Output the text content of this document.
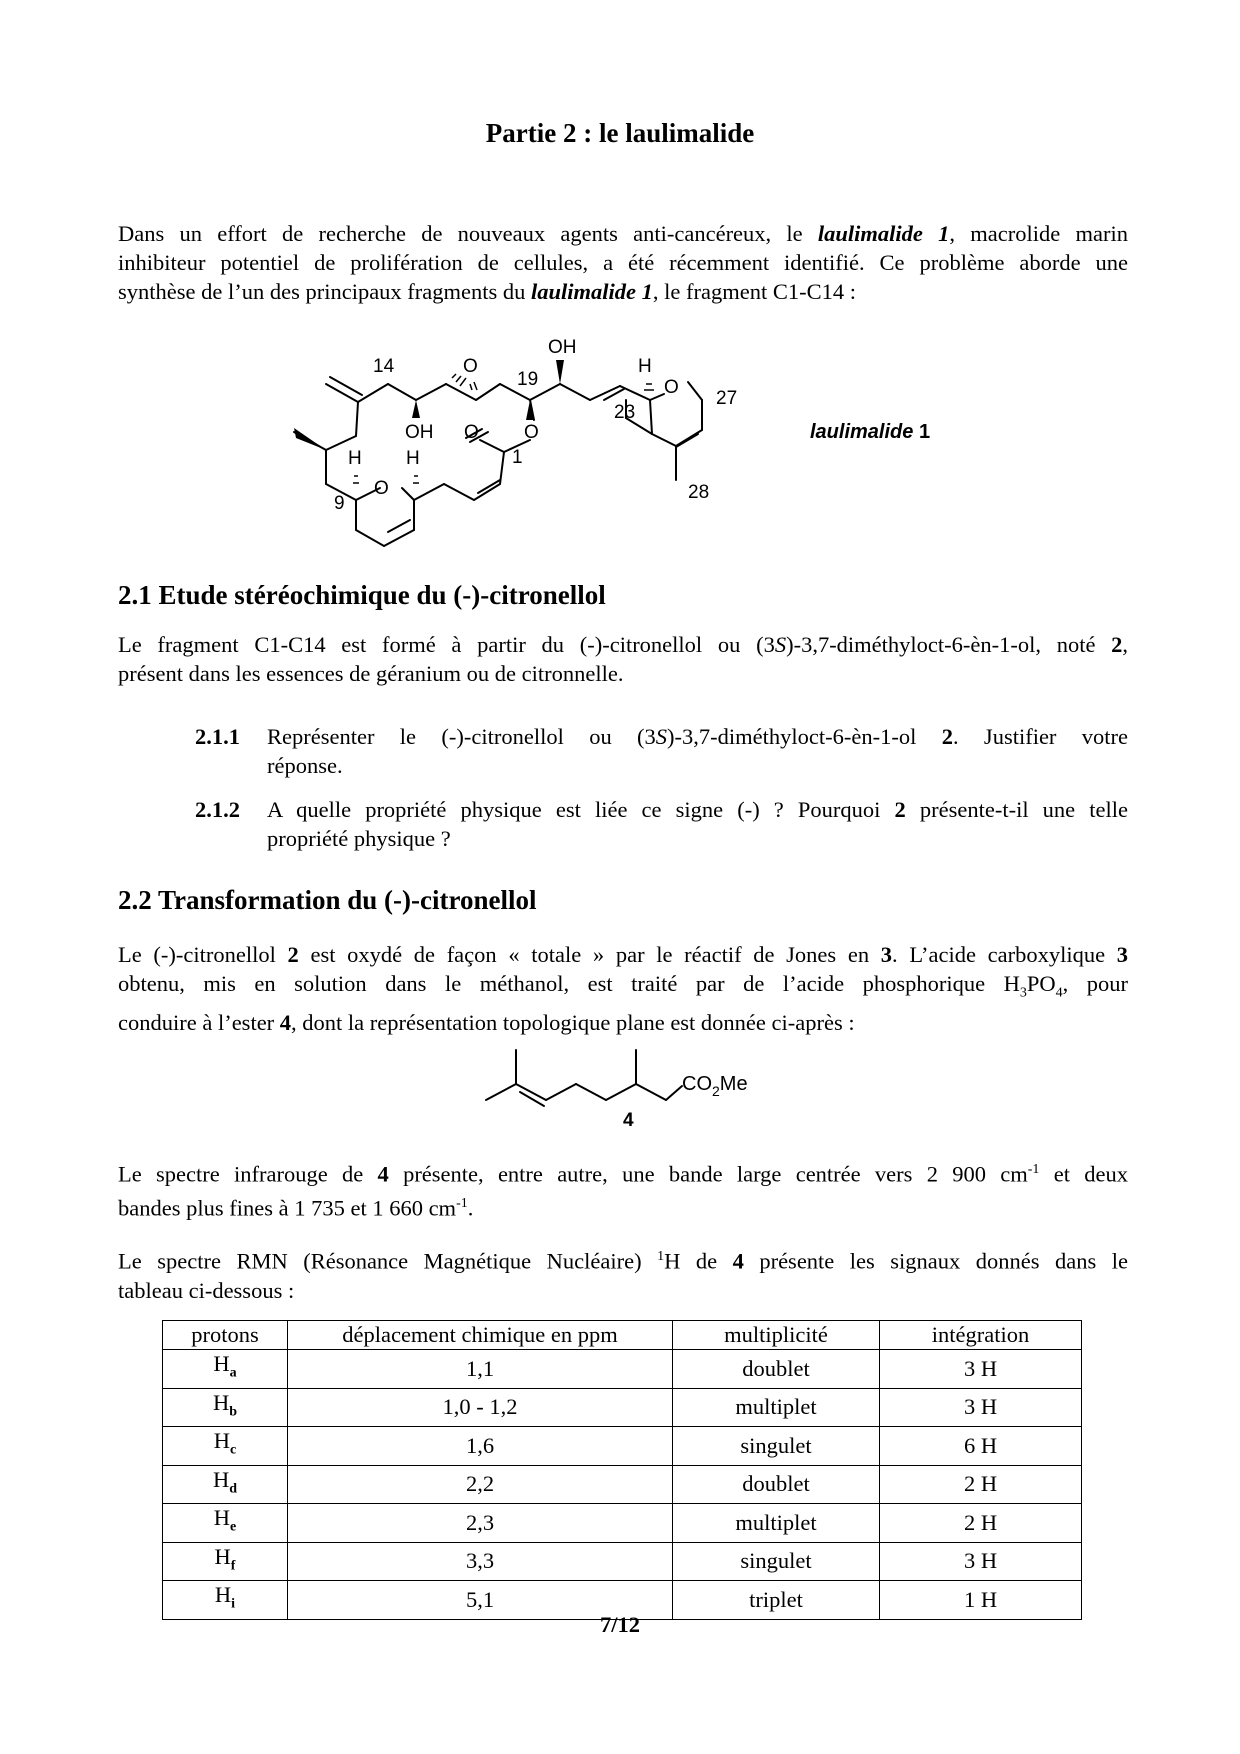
Partie 2 : le laulimalide
Dans un effort de recherche de nouveaux agents anti-cancéreux, le laulimalide 1, macrolide marin
inhibiteur potentiel de prolifération de cellules, a été récemment identifié. Ce problème aborde une
synthèse de l’un des principaux fragments du laulimalide 1, le fragment C1-C14 :
14	O
19
OH
H
O
23
27
28
OH O O
1
H H
O
9
laulimalide 1
2.1 Etude stéréochimique du (-)-citronellol
Le fragment C1-C14 est formé à partir du (-)-citronellol ou (3S)-3,7-diméthyloct-6-èn-1-ol, noté 2,
présent dans les essences de géranium ou de citronnelle.
2.1.1 Représenter le (-)-citronellol ou (3S)-3,7-diméthyloct-6-èn-1-ol 2. Justifier votre
réponse.
2.1.2 A quelle propriété physique est liée ce signe (-) ? Pourquoi 2 présente-t-il une telle
propriété physique ?
2.2 Transformation du (-)-citronellol
Le (-)-citronellol 2 est oxydé de façon « totale » par le réactif de Jones en 3. L’acide carboxylique 3
obtenu, mis en solution dans le méthanol, est traité par de l’acide phosphorique $H_3PO_4$, pour
conduire à l’ester 4, dont la représentation topologique plane est donnée ci-après :
$CO_2Me$
4
Le spectre infrarouge de 4 présente, entre autre, une bande large centrée vers 2 900 $cm^{-1}$ et deux
bandes plus fines à 1 735 et 1 660 $cm^{-1}$.
Le spectre RMN (Résonance Magnétique Nucléaire) $^1$H de 4 présente les signaux donnés dans le
tableau ci-dessous :
protons	déplacement chimique en ppm	multiplicité	intégration
$H_a$	1,1	doublet	3 H
$H_b$	1,0 - 1,2	multiplet	3 H
$H_c$	1,6	singulet	6 H
$H_d$	2,2	doublet	2 H
$H_e$	2,3	multiplet	2 H
$H_f$	3,3	singulet	3 H
$H_i$	5,1	triplet	1 H
7/12
